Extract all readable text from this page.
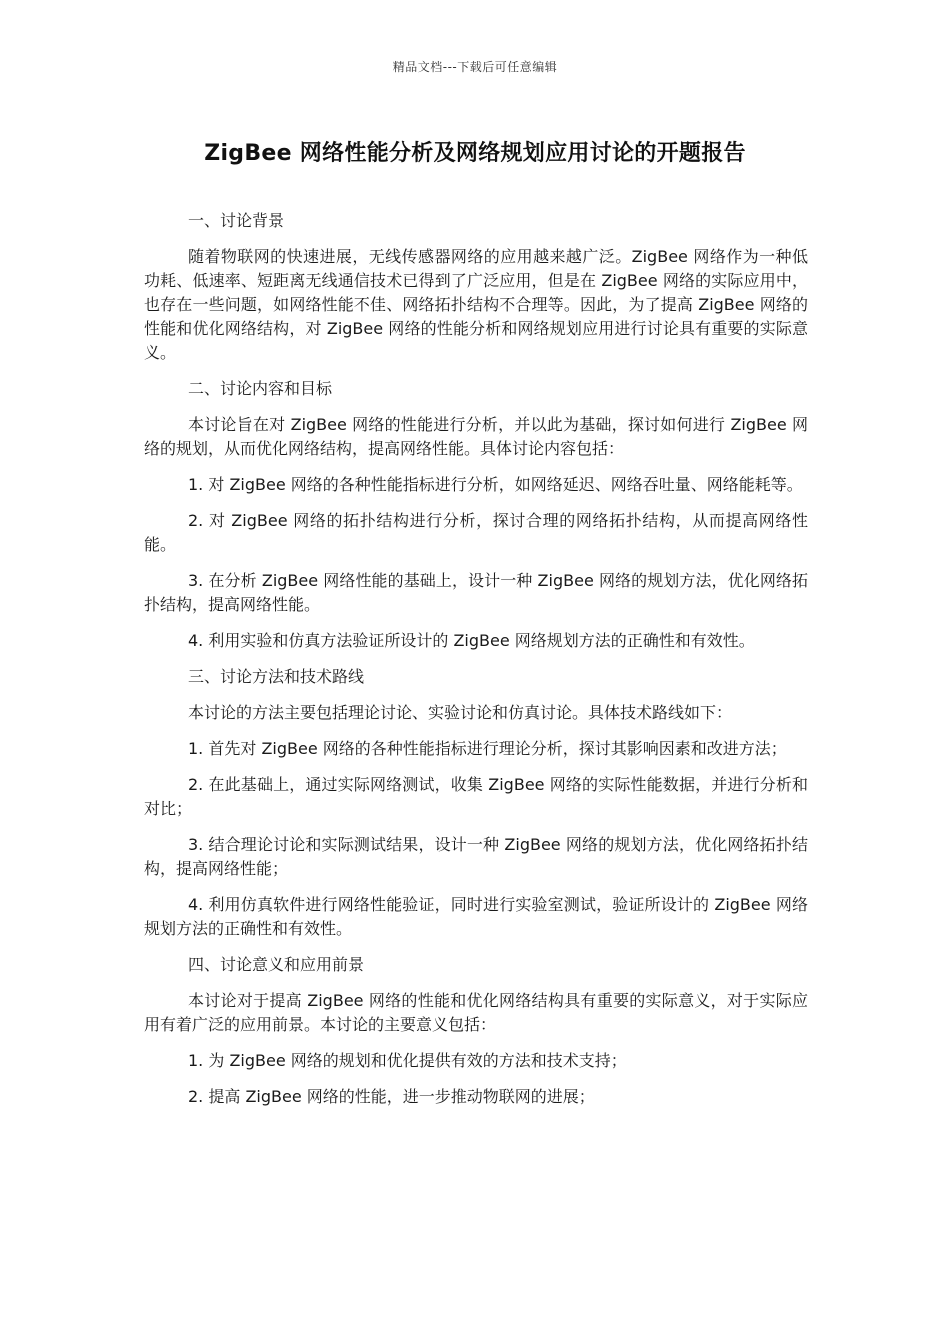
精品文档---下载后可任意编辑
ZigBee 网络性能分析及网络规划应用讨论的开题报告

一、讨论背景

随着物联网的快速进展，无线传感器网络的应用越来越广泛。ZigBee 网络作为一种低功耗、低速率、短距离无线通信技术已得到了广泛应用，但是在 ZigBee 网络的实际应用中，也存在一些问题，如网络性能不佳、网络拓扑结构不合理等。因此，为了提高 ZigBee 网络的性能和优化网络结构，对 ZigBee 网络的性能分析和网络规划应用进行讨论具有重要的实际意义。

二、讨论内容和目标

本讨论旨在对 ZigBee 网络的性能进行分析，并以此为基础，探讨如何进行 ZigBee 网络的规划，从而优化网络结构，提高网络性能。具体讨论内容包括：

1. 对 ZigBee 网络的各种性能指标进行分析，如网络延迟、网络吞吐量、网络能耗等。

2. 对 ZigBee 网络的拓扑结构进行分析，探讨合理的网络拓扑结构，从而提高网络性能。

3. 在分析 ZigBee 网络性能的基础上，设计一种 ZigBee 网络的规划方法，优化网络拓扑结构，提高网络性能。

4. 利用实验和仿真方法验证所设计的 ZigBee 网络规划方法的正确性和有效性。

三、讨论方法和技术路线

本讨论的方法主要包括理论讨论、实验讨论和仿真讨论。具体技术路线如下：

1. 首先对 ZigBee 网络的各种性能指标进行理论分析，探讨其影响因素和改进方法；

2. 在此基础上，通过实际网络测试，收集 ZigBee 网络的实际性能数据，并进行分析和对比；

3. 结合理论讨论和实际测试结果，设计一种 ZigBee 网络的规划方法，优化网络拓扑结构，提高网络性能；

4. 利用仿真软件进行网络性能验证，同时进行实验室测试，验证所设计的 ZigBee 网络规划方法的正确性和有效性。

四、讨论意义和应用前景

本讨论对于提高 ZigBee 网络的性能和优化网络结构具有重要的实际意义，对于实际应用有着广泛的应用前景。本讨论的主要意义包括：

1. 为 ZigBee 网络的规划和优化提供有效的方法和技术支持；

2. 提高 ZigBee 网络的性能，进一步推动物联网的进展；
